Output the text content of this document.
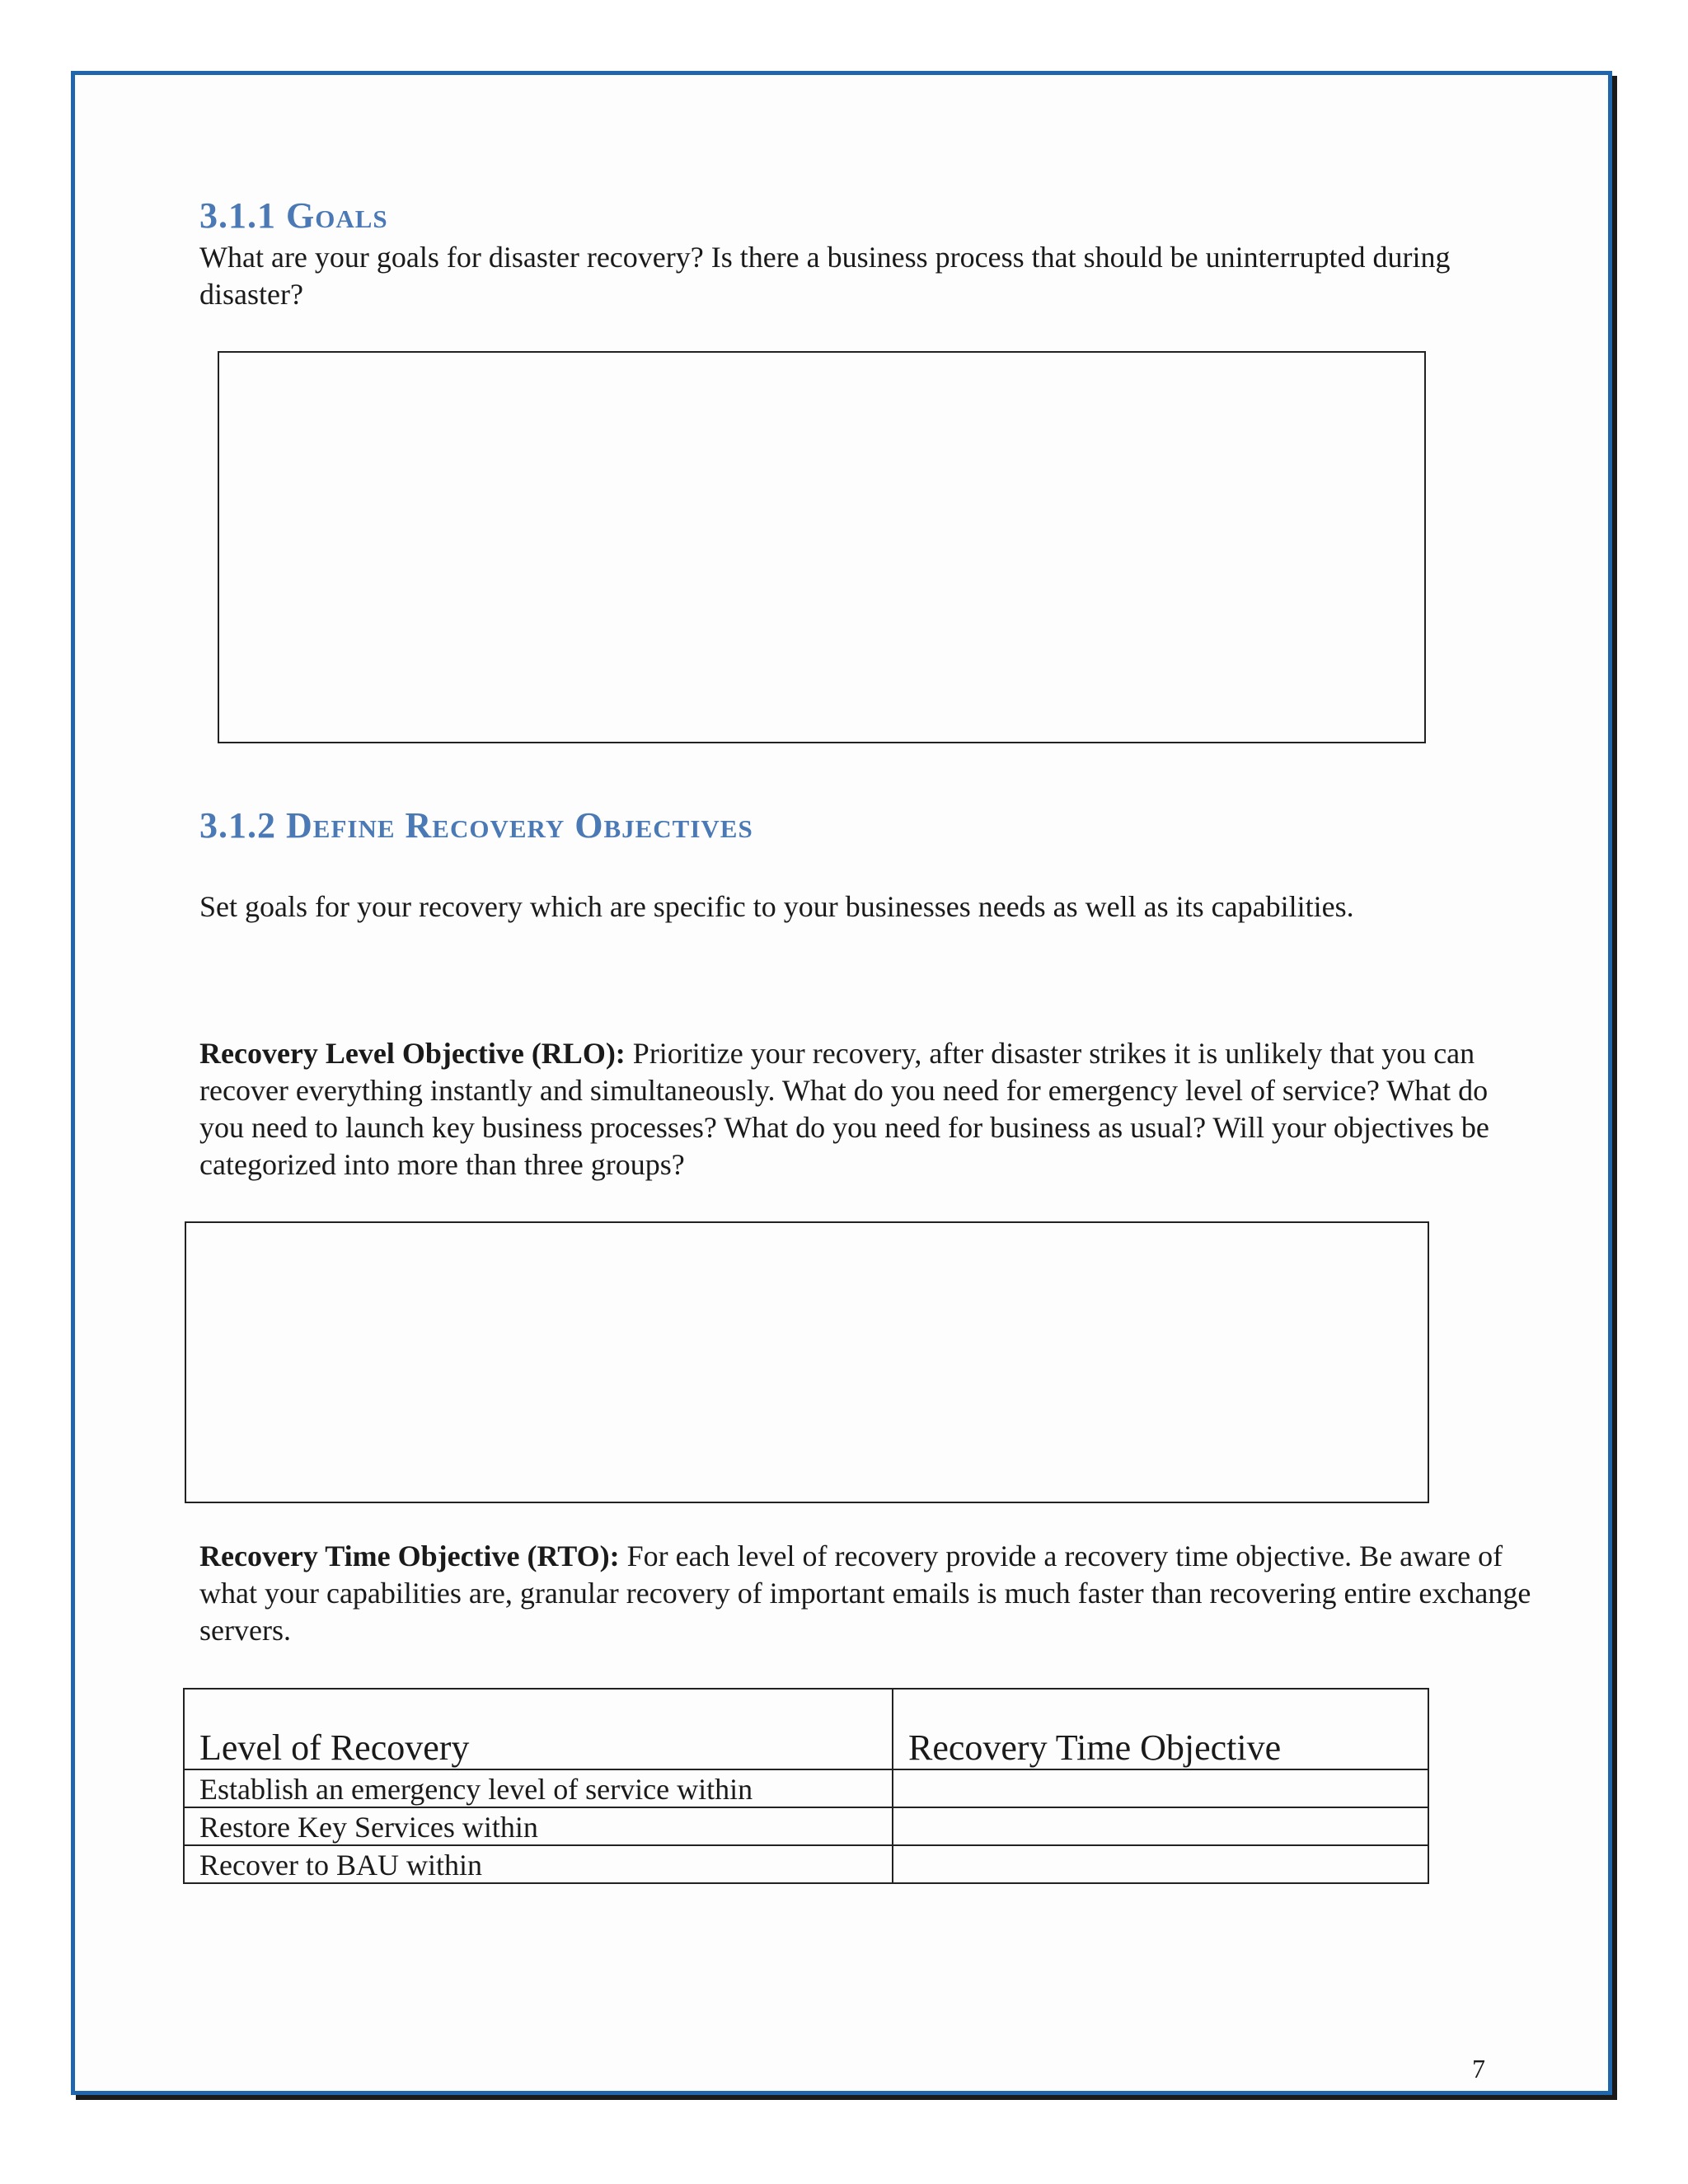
3.1.1 Goals

What are your goals for disaster recovery? Is there a business process that should be uninterrupted during disaster?

3.1.2 Define Recovery Objectives

Set goals for your recovery which are specific to your businesses needs as well as its capabilities.

Recovery Level Objective (RLO): Prioritize your recovery, after disaster strikes it is unlikely that you can recover everything instantly and simultaneously. What do you need for emergency level of service? What do you need to launch key business processes? What do you need for business as usual? Will your objectives be categorized into more than three groups?

Recovery Time Objective (RTO): For each level of recovery provide a recovery time objective. Be aware of what your capabilities are, granular recovery of important emails is much faster than recovering entire exchange servers.

Level of Recovery	Recovery Time Objective
Establish an emergency level of service within	
Restore Key Services within	
Recover to BAU within	

7
